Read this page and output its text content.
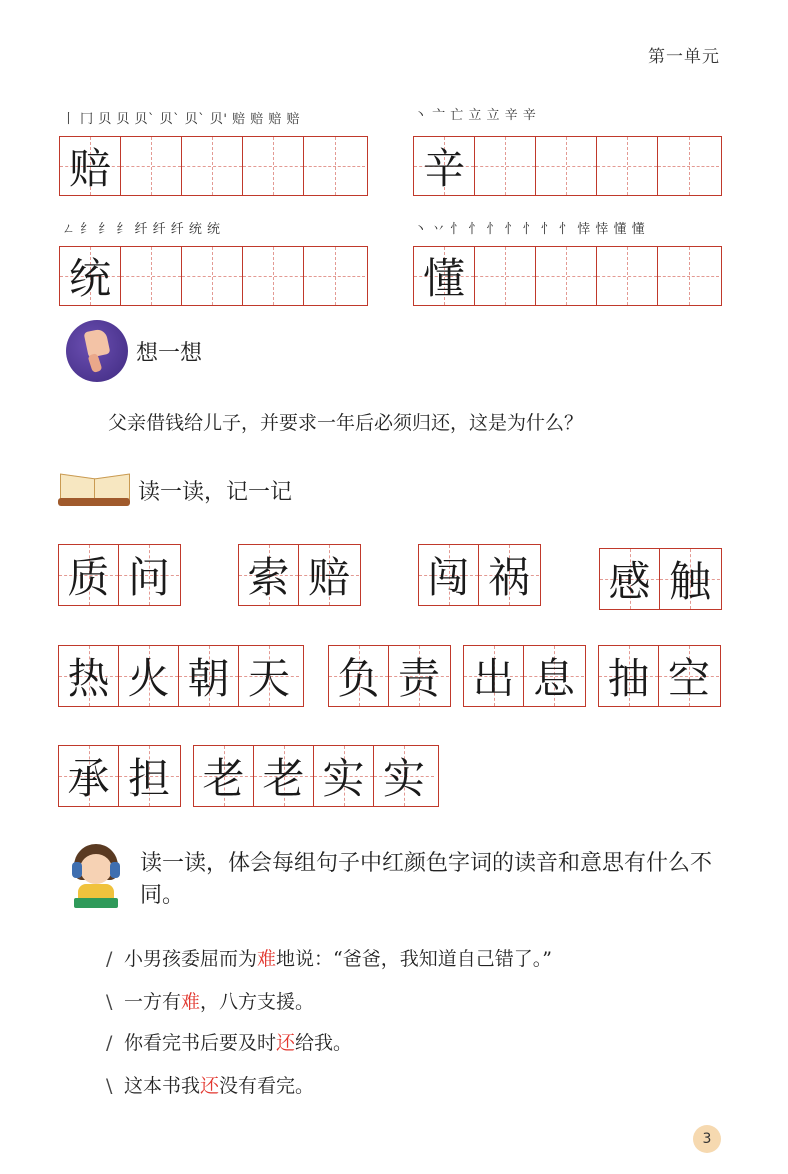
第一单元
丨 冂 贝 贝 贝` 贝` 贝` 贝' 赔 赔 赔 赔
赔
丶 亠 亡 立 立 辛 辛
辛
ㄥ 纟 纟 纟 纤 纤 纤 统 统
统
丶 丷 忄 忄 忄 忄 忄 忄 忄 悻 悻 懂 懂
懂
想一想
父亲借钱给儿子，并要求一年后必须归还，这是为什么？
读一读，记一记
质 问 索 赔 闯 祸 感 触
热 火 朝 天 负 责 出 息 抽 空
承 担 老 老 实 实
读一读，体会每组句子中红颜色字词的读音和意思有什么不同。
/ 小男孩委屈而为难地说：“爸爸，我知道自己错了。”
\ 一方有难，八方支援。
/ 你看完书后要及时还给我。
\ 这本书我还没有看完。
3
